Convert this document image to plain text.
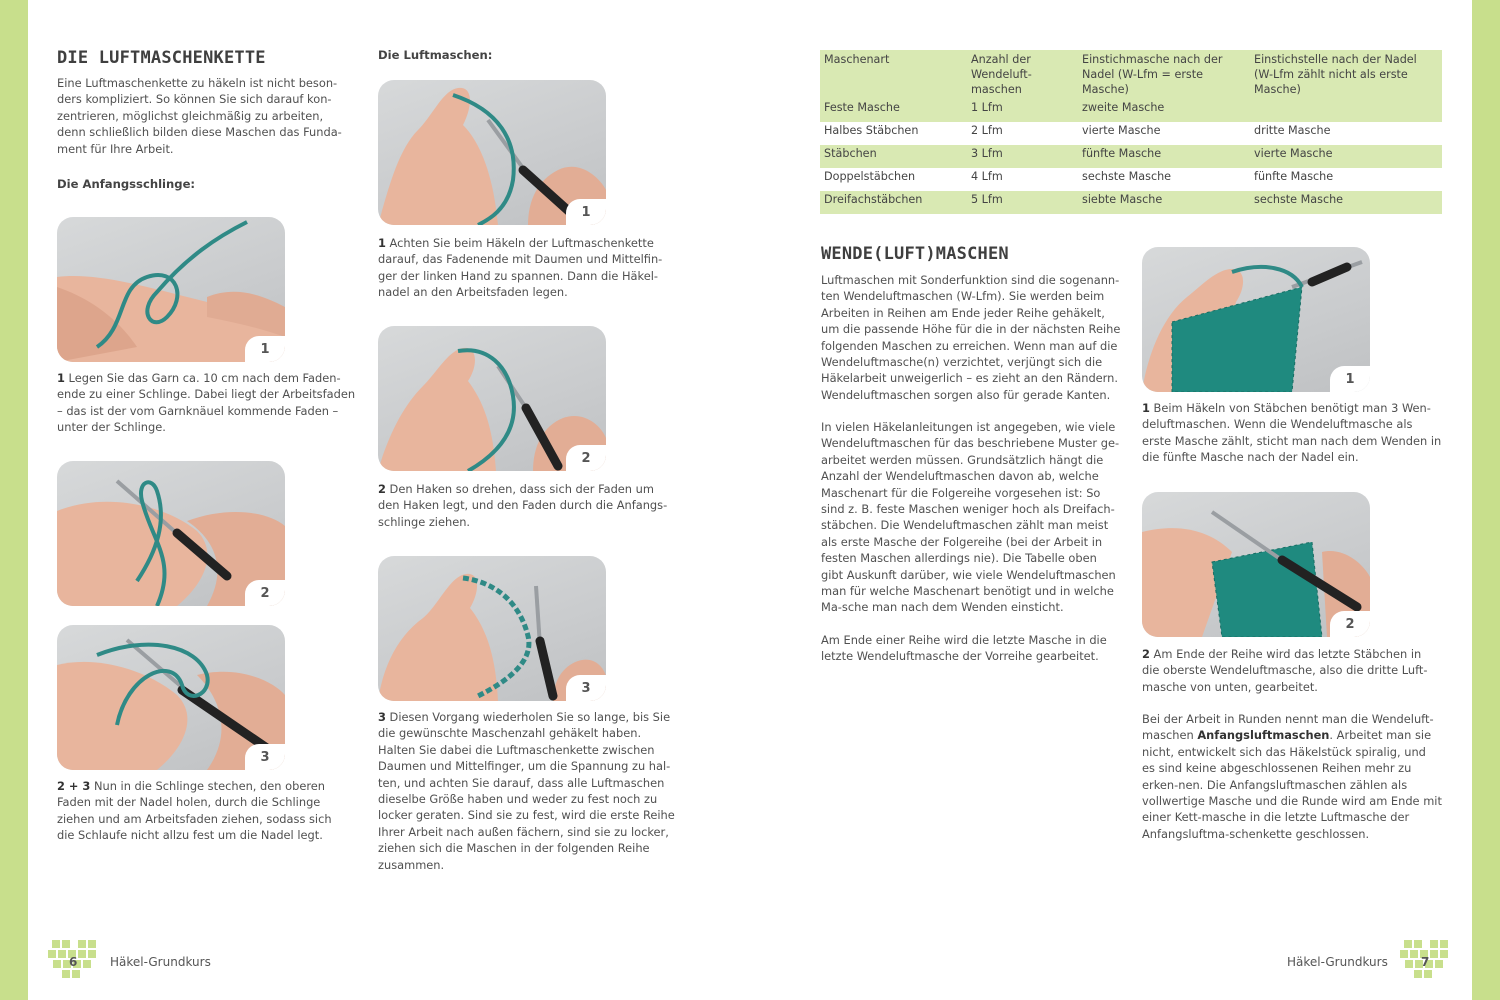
DIE LUFTMASCHENKETTE

Eine Luftmaschenkette zu häkeln ist nicht beson-ders kompliziert. So können Sie sich darauf kon-zentrieren, möglichst gleichmäßig zu arbeiten, denn schließlich bilden diese Maschen das Funda-ment für Ihre Arbeit.

Die Anfangsschlinge:
1

1 Legen Sie das Garn ca. 10 cm nach dem Faden-ende zu einer Schlinge. Dabei liegt der Arbeitsfaden – das ist der vom Garnknäuel kommende Faden – unter der Schlinge.

2
3

2 + 3 Nun in die Schlinge stechen, den oberen Faden mit der Nadel holen, durch die Schlinge ziehen und am Arbeitsfaden ziehen, sodass sich die Schlaufe nicht allzu fest um die Nadel legt.

Die Luftmaschen:
1

1 Achten Sie beim Häkeln der Luftmaschenkette darauf, das Fadenende mit Daumen und Mittelfin-ger der linken Hand zu spannen. Dann die Häkel-nadel an den Arbeitsfaden legen.

2

2 Den Haken so drehen, dass sich der Faden um den Haken legt, und den Faden durch die Anfangs-schlinge ziehen.

3

3 Diesen Vorgang wiederholen Sie so lange, bis Sie die gewünschte Maschenzahl gehäkelt haben. Halten Sie dabei die Luftmaschenkette zwischen Daumen und Mittelfinger, um die Spannung zu hal-ten, und achten Sie darauf, dass alle Luftmaschen dieselbe Größe haben und weder zu fest noch zu locker geraten. Sind sie zu fest, wird die erste Reihe Ihrer Arbeit nach außen fächern, sind sie zu locker, ziehen sich die Maschen in der folgenden Reihe zusammen.

6	Häkel-Grundkurs
Maschenart	Anzahl der Wendeluft-maschen	Einstichmasche nach der Nadel (W-Lfm = erste Masche)	Einstichstelle nach der Nadel (W-Lfm zählt nicht als erste Masche)
Feste Masche	1 Lfm	zweite Masche	
Halbes Stäbchen	2 Lfm	vierte Masche	dritte Masche
Stäbchen	3 Lfm	fünfte Masche	vierte Masche
Doppelstäbchen	4 Lfm	sechste Masche	fünfte Masche
Dreifachstäbchen	5 Lfm	siebte Masche	sechste Masche
WENDE(LUFT)MASCHEN

Luftmaschen mit Sonderfunktion sind die sogenann-ten Wendeluftmaschen (W-Lfm). Sie werden beim Arbeiten in Reihen am Ende jeder Reihe gehäkelt, um die passende Höhe für die in der nächsten Reihe folgenden Maschen zu erreichen. Wenn man auf die Wendeluftmasche(n) verzichtet, verjüngt sich die Häkelarbeit unweigerlich – es zieht an den Rändern. Wendeluftmaschen sorgen also für gerade Kanten.

In vielen Häkelanleitungen ist angegeben, wie viele Wendeluftmaschen für das beschriebene Muster ge-arbeitet werden müssen. Grundsätzlich hängt die Anzahl der Wendeluftmaschen davon ab, welche Maschenart für die Folgereihe vorgesehen ist: So sind z. B. feste Maschen weniger hoch als Dreifach-stäbchen. Die Wendeluftmaschen zählt man meist als erste Masche der Folgereihe (bei der Arbeit in festen Maschen allerdings nie). Die Tabelle oben gibt Auskunft darüber, wie viele Wendeluftmaschen man für welche Maschenart benötigt und in welche Ma-sche man nach dem Wenden einsticht.

Am Ende einer Reihe wird die letzte Masche in die letzte Wendeluftmasche der Vorreihe gearbeitet.

1

1 Beim Häkeln von Stäbchen benötigt man 3 Wen-deluftmaschen. Wenn die Wendeluftmasche als erste Masche zählt, sticht man nach dem Wenden in die fünfte Masche nach der Nadel ein.

2

2 Am Ende der Reihe wird das letzte Stäbchen in die oberste Wendeluftmasche, also die dritte Luft-masche von unten, gearbeitet.

Bei der Arbeit in Runden nennt man die Wendeluft-maschen Anfangsluftmaschen. Arbeitet man sie nicht, entwickelt sich das Häkelstück spiralig, und es sind keine abgeschlossenen Reihen mehr zu erken-nen. Die Anfangsluftmaschen zählen als vollwertige Masche und die Runde wird am Ende mit einer Kett-masche in die letzte Luftmasche der Anfangsluftma-schenkette geschlossen.

Häkel-Grundkurs	7
